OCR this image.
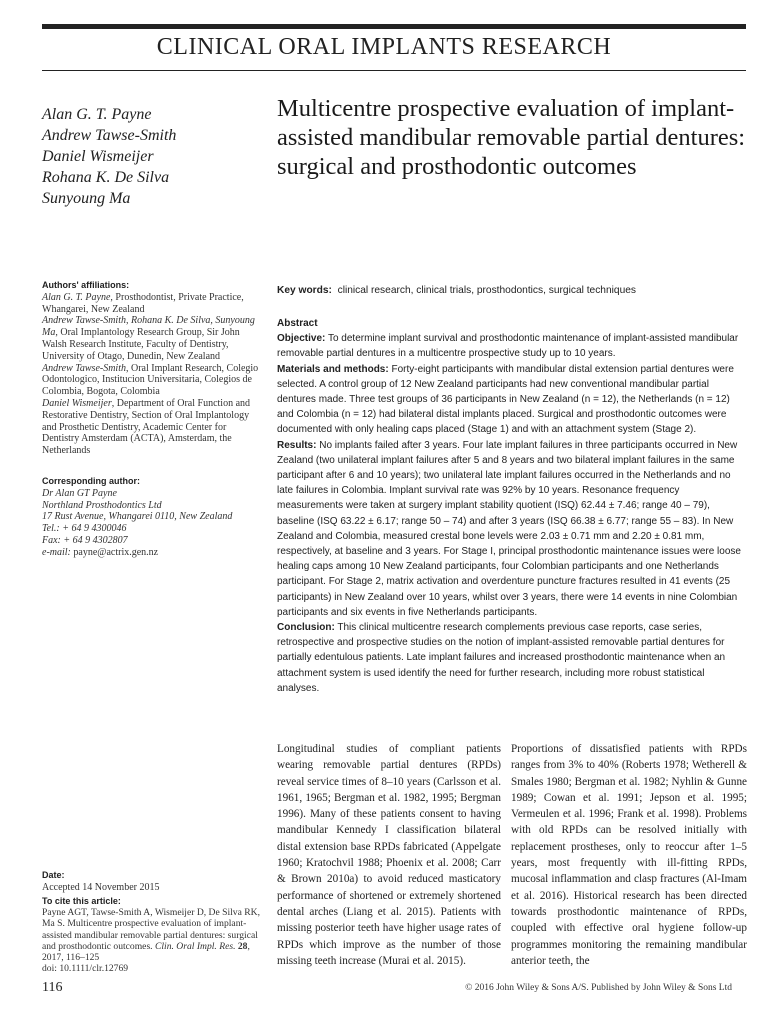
CLINICAL ORAL IMPLANTS RESEARCH
Alan G. T. Payne
Andrew Tawse-Smith
Daniel Wismeijer
Rohana K. De Silva
Sunyoung Ma
Multicentre prospective evaluation of implant-assisted mandibular removable partial dentures: surgical and prosthodontic outcomes
Authors' affiliations:

Alan G. T. Payne, Prosthodontist, Private Practice, Whangarei, New Zealand

Andrew Tawse-Smith, Rohana K. De Silva, Sunyoung Ma, Oral Implantology Research Group, Sir John Walsh Research Institute, Faculty of Dentistry, University of Otago, Dunedin, New Zealand

Andrew Tawse-Smith, Oral Implant Research, Colegio Odontologico, Institucion Universitaria, Colegios de Colombia, Bogota, Colombia

Daniel Wismeijer, Department of Oral Function and Restorative Dentistry, Section of Oral Implantology and Prosthetic Dentistry, Academic Center for Dentistry Amsterdam (ACTA), Amsterdam, the Netherlands

Corresponding author:
Dr Alan GT Payne
Northland Prosthodontics Ltd
17 Rust Avenue, Whangarei 0110, New Zealand
Tel.: + 64 9 4300046
Fax: + 64 9 4302807
e-mail: payne@actrix.gen.nz
Date:
Accepted 14 November 2015
To cite this article:
Payne AGT, Tawse-Smith A, Wismeijer D, De Silva RK, Ma S. Multicentre prospective evaluation of implant-assisted mandibular removable partial dentures: surgical and prosthodontic outcomes. Clin. Oral Impl. Res. 28, 2017, 116–125
doi: 10.1111/clr.12769
Key words: clinical research, clinical trials, prosthodontics, surgical techniques
Abstract

Objective: To determine implant survival and prosthodontic maintenance of implant-assisted mandibular removable partial dentures in a multicentre prospective study up to 10 years.

Materials and methods: Forty-eight participants with mandibular distal extension partial dentures were selected. A control group of 12 New Zealand participants had new conventional mandibular partial dentures made. Three test groups of 36 participants in New Zealand (n = 12), the Netherlands (n = 12) and Colombia (n = 12) had bilateral distal implants placed. Surgical and prosthodontic outcomes were documented with only healing caps placed (Stage 1) and with an attachment system (Stage 2).

Results: No implants failed after 3 years. Four late implant failures in three participants occurred in New Zealand (two unilateral implant failures after 5 and 8 years and two bilateral implant failures in the same participant after 6 and 10 years); two unilateral late implant failures occurred in the Netherlands and no late failures in Colombia. Implant survival rate was 92% by 10 years. Resonance frequency measurements were taken at surgery implant stability quotient (ISQ) 62.44 ± 7.46; range 40 – 79), baseline (ISQ 63.22 ± 6.17; range 50 – 74) and after 3 years (ISQ 66.38 ± 6.77; range 55 – 83). In New Zealand and Colombia, measured crestal bone levels were 2.03 ± 0.71 mm and 2.20 ± 0.81 mm, respectively, at baseline and 3 years. For Stage I, principal prosthodontic maintenance issues were loose healing caps among 10 New Zealand participants, four Colombian participants and one Netherlands participant. For Stage 2, matrix activation and overdenture puncture fractures resulted in 41 events (25 participants) in New Zealand over 10 years, whilst over 3 years, there were 14 events in nine Colombian participants and six events in five Netherlands participants.

Conclusion: This clinical multicentre research complements previous case reports, case series, retrospective and prospective studies on the notion of implant-assisted removable partial dentures for partially edentulous patients. Late implant failures and increased prosthodontic maintenance when an attachment system is used identify the need for further research, including more robust statistical analyses.

Longitudinal studies of compliant patients wearing removable partial dentures (RPDs) reveal service times of 8–10 years (Carlsson et al. 1961, 1965; Bergman et al. 1982, 1995; Bergman 1996). Many of these patients consent to having mandibular Kennedy I classification bilateral distal extension base RPDs fabricated (Appelgate 1960; Kratochvil 1988; Phoenix et al. 2008; Carr & Brown 2010a) to avoid reduced masticatory performance of shortened or extremely shortened dental arches (Liang et al. 2015). Patients with missing posterior teeth have higher usage rates of RPDs which improve as the number of those missing teeth increase (Murai et al. 2015).
Proportions of dissatisfied patients with RPDs ranges from 3% to 40% (Roberts 1978; Wetherell & Smales 1980; Bergman et al. 1982; Nyhlin & Gunne 1989; Cowan et al. 1991; Jepson et al. 1995; Vermeulen et al. 1996; Frank et al. 1998). Problems with old RPDs can be resolved initially with replacement prostheses, only to reoccur after 1–5 years, most frequently with ill-fitting RPDs, mucosal inflammation and clasp fractures (Al-Imam et al. 2016). Historical research has been directed towards prosthodontic maintenance of RPDs, coupled with effective oral hygiene follow-up programmes monitoring the remaining mandibular anterior teeth, the
116	© 2016 John Wiley & Sons A/S. Published by John Wiley & Sons Ltd
